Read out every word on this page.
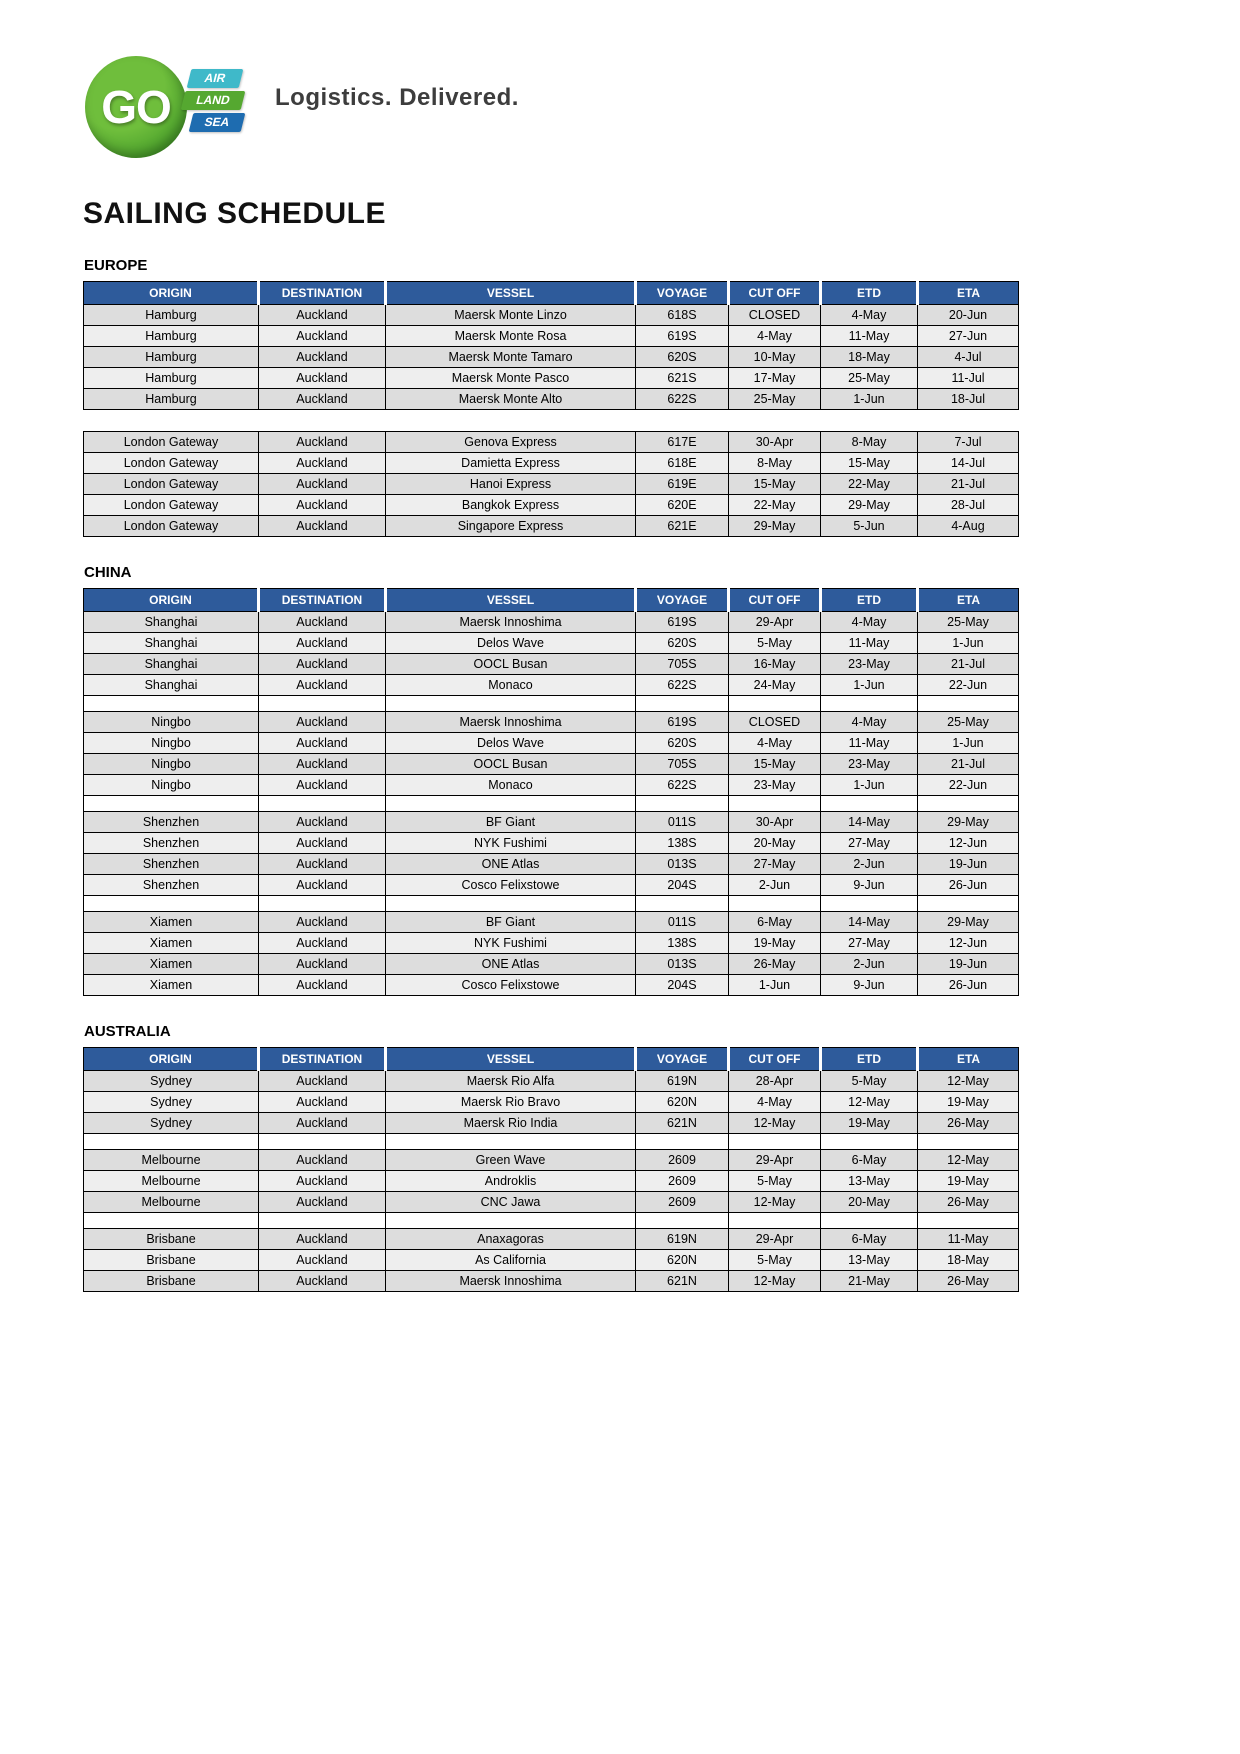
GO
AIR
LAND
SEA
Logistics. Delivered.
SAILING SCHEDULE
EUROPE
ORIGIN	DESTINATION	VESSEL	VOYAGE	CUT OFF	ETD	ETA
Hamburg	Auckland	Maersk Monte Linzo	618S	CLOSED	4-May	20-Jun
Hamburg	Auckland	Maersk Monte Rosa	619S	4-May	11-May	27-Jun
Hamburg	Auckland	Maersk Monte Tamaro	620S	10-May	18-May	4-Jul
Hamburg	Auckland	Maersk Monte Pasco	621S	17-May	25-May	11-Jul
Hamburg	Auckland	Maersk Monte Alto	622S	25-May	1-Jun	18-Jul
London Gateway	Auckland	Genova Express	617E	30-Apr	8-May	7-Jul
London Gateway	Auckland	Damietta Express	618E	8-May	15-May	14-Jul
London Gateway	Auckland	Hanoi Express	619E	15-May	22-May	21-Jul
London Gateway	Auckland	Bangkok Express	620E	22-May	29-May	28-Jul
London Gateway	Auckland	Singapore Express	621E	29-May	5-Jun	4-Aug
CHINA
ORIGIN	DESTINATION	VESSEL	VOYAGE	CUT OFF	ETD	ETA
Shanghai	Auckland	Maersk Innoshima	619S	29-Apr	4-May	25-May
Shanghai	Auckland	Delos Wave	620S	5-May	11-May	1-Jun
Shanghai	Auckland	OOCL Busan	705S	16-May	23-May	21-Jul
Shanghai	Auckland	Monaco	622S	24-May	1-Jun	22-Jun

Ningbo	Auckland	Maersk Innoshima	619S	CLOSED	4-May	25-May
Ningbo	Auckland	Delos Wave	620S	4-May	11-May	1-Jun
Ningbo	Auckland	OOCL Busan	705S	15-May	23-May	21-Jul
Ningbo	Auckland	Monaco	622S	23-May	1-Jun	22-Jun

Shenzhen	Auckland	BF Giant	011S	30-Apr	14-May	29-May
Shenzhen	Auckland	NYK Fushimi	138S	20-May	27-May	12-Jun
Shenzhen	Auckland	ONE Atlas	013S	27-May	2-Jun	19-Jun
Shenzhen	Auckland	Cosco Felixstowe	204S	2-Jun	9-Jun	26-Jun

Xiamen	Auckland	BF Giant	011S	6-May	14-May	29-May
Xiamen	Auckland	NYK Fushimi	138S	19-May	27-May	12-Jun
Xiamen	Auckland	ONE Atlas	013S	26-May	2-Jun	19-Jun
Xiamen	Auckland	Cosco Felixstowe	204S	1-Jun	9-Jun	26-Jun
AUSTRALIA
ORIGIN	DESTINATION	VESSEL	VOYAGE	CUT OFF	ETD	ETA
Sydney	Auckland	Maersk Rio Alfa	619N	28-Apr	5-May	12-May
Sydney	Auckland	Maersk Rio Bravo	620N	4-May	12-May	19-May
Sydney	Auckland	Maersk Rio India	621N	12-May	19-May	26-May

Melbourne	Auckland	Green Wave	2609	29-Apr	6-May	12-May
Melbourne	Auckland	Androklis	2609	5-May	13-May	19-May
Melbourne	Auckland	CNC Jawa	2609	12-May	20-May	26-May

Brisbane	Auckland	Anaxagoras	619N	29-Apr	6-May	11-May
Brisbane	Auckland	As California	620N	5-May	13-May	18-May
Brisbane	Auckland	Maersk Innoshima	621N	12-May	21-May	26-May
